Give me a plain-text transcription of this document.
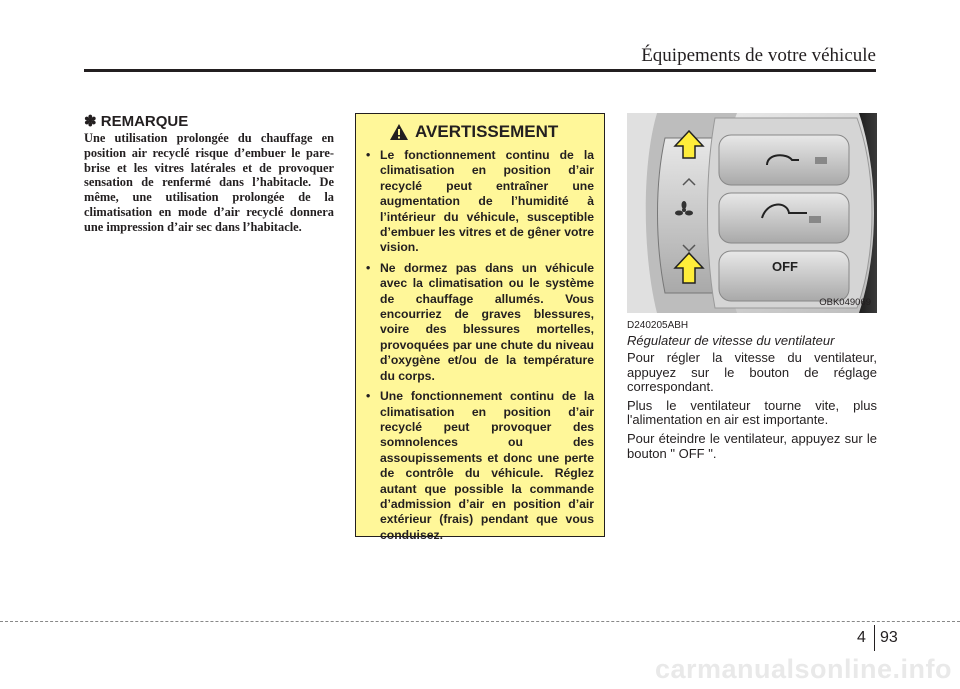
Équipements de votre véhicule
✽ REMARQUE

Une utilisation prolongée du chauffage en position air recyclé risque d’embuer le pare-brise et les vitres latérales et de provoquer sensation de renfermé dans l’habitacle. De même, une utilisation prolongée de la climatisation en mode d’air recyclé donnera une impression d’air sec dans l’habitacle.

AVERTISSEMENT
• Le fonctionnement continu de la climatisation en position d’air recyclé peut entraîner une augmentation de l’humidité à l’intérieur du véhicule, susceptible d’embuer les vitres et de gêner votre vision.
• Ne dormez pas dans un véhicule avec la climatisation ou le système de chauffage allumés. Vous encourriez de graves blessures, voire des blessures mortelles, provoquées par une chute du niveau d’oxygène et/ou de la température du corps.
• Une fonctionnement continu de la climatisation en position d’air recyclé peut provoquer des somnolences ou des assoupissements et donc une perte de contrôle du véhicule. Réglez autant que possible la commande d’admission d’air en position d’air extérieur (frais) pendant que vous conduisez.
OFF
OBK049069
D240205ABH
Régulateur de vitesse du ventilateur

Pour régler la vitesse du ventilateur, appuyez sur le bouton de réglage correspondant.

Plus le ventilateur tourne vite, plus l'alimentation en air est importante.

Pour éteindre le ventilateur, appuyez sur le bouton " OFF ".

4 93
carmanualsonline.info
